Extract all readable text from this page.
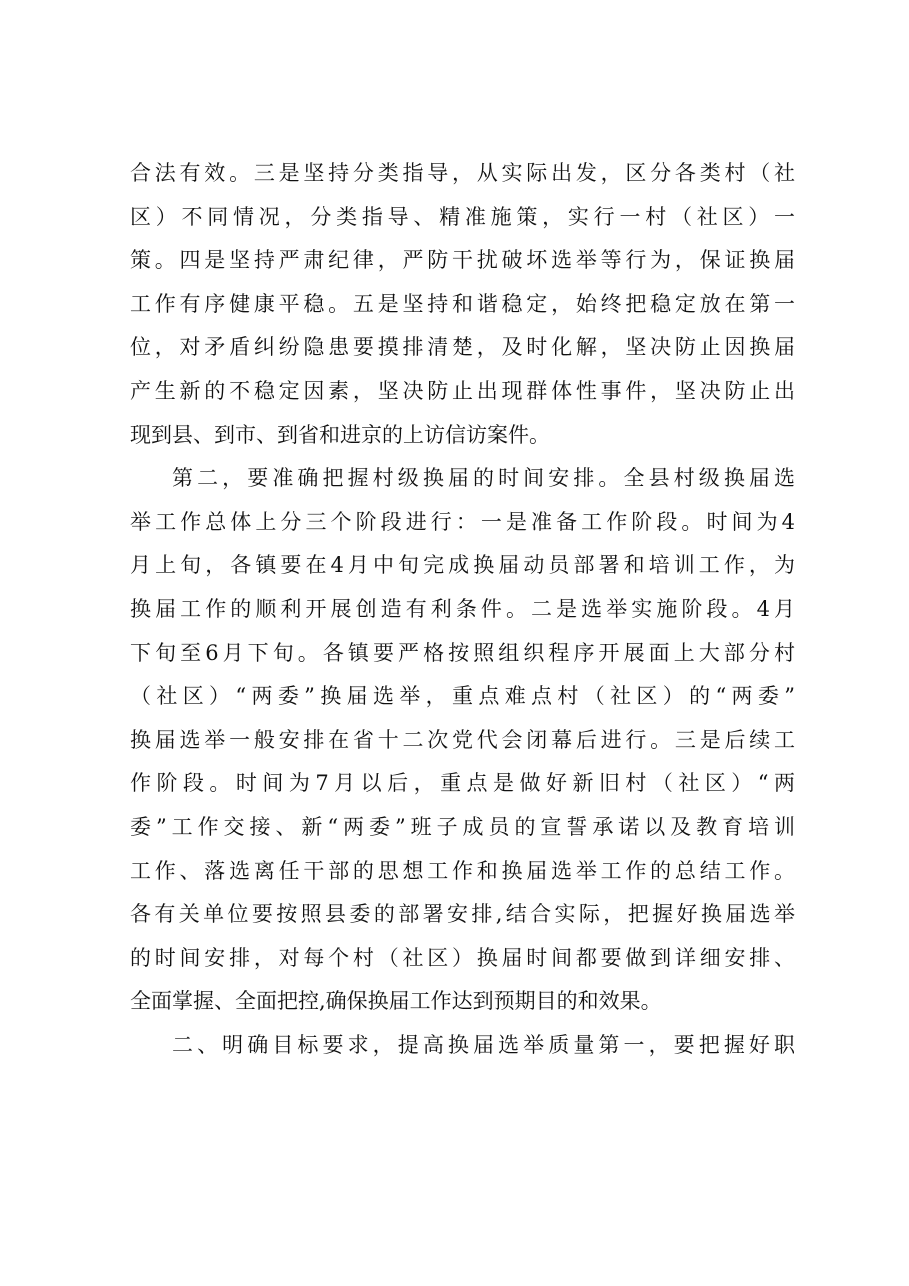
合法有效。三是坚持分类指导，从实际出发，区分各类村（社
区）不同情况，分类指导、精准施策，实行一村（社区）一
策。四是坚持严肃纪律，严防干扰破坏选举等行为，保证换届
工作有序健康平稳。五是坚持和谐稳定，始终把稳定放在第一
位，对矛盾纠纷隐患要摸排清楚，及时化解，坚决防止因换届
产生新的不稳定因素，坚决防止出现群体性事件，坚决防止出
现到县、到市、到省和进京的上访信访案件。
第二，要准确把握村级换届的时间安排。全县村级换届选
举工作总体上分三个阶段进行：一是准备工作阶段。时间为4
月上旬，各镇要在4月中旬完成换届动员部署和培训工作，为
换届工作的顺利开展创造有利条件。二是选举实施阶段。4月
下旬至6月下旬。各镇要严格按照组织程序开展面上大部分村
（社区）“两委”换届选举，重点难点村（社区）的“两委”
换届选举一般安排在省十二次党代会闭幕后进行。三是后续工
作阶段。时间为7月以后，重点是做好新旧村（社区）“两
委”工作交接、新“两委”班子成员的宣誓承诺以及教育培训
工作、落选离任干部的思想工作和换届选举工作的总结工作。
各有关单位要按照县委的部署安排,结合实际，把握好换届选举
的时间安排，对每个村（社区）换届时间都要做到详细安排、
全面掌握、全面把控,确保换届工作达到预期目的和效果。
二、明确目标要求，提高换届选举质量第一，要把握好职
